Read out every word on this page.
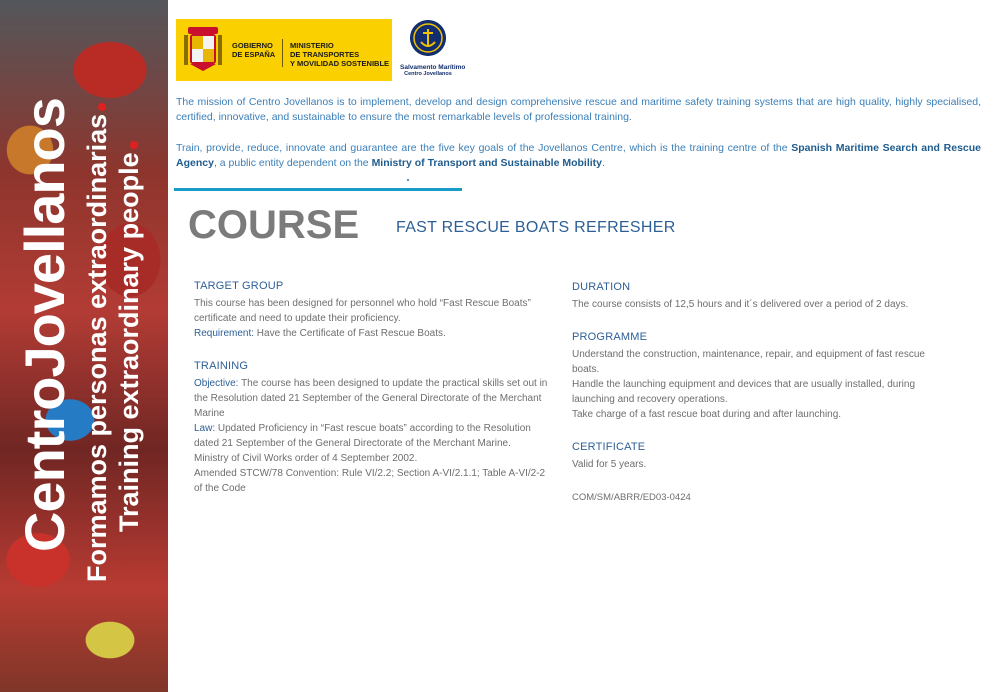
CentroJovellanos Formamos personas extraordinarias Training extraordinary people
GOBIERNO
DE ESPAÑA
MINISTERIO
DE TRANSPORTES
Y MOVILIDAD SOSTENIBLE Salvamento Marítimo
Centro Jovellanos

The mission of Centro Jovellanos is to implement, develop and design comprehensive rescue and maritime safety training systems that are high quality, highly specialised, certified, innovative, and sustainable to ensure the most remarkable levels of professional training.

Train, provide, reduce, innovate and guarantee are the five key goals of the Jovellanos Centre, which is the training centre of the Spanish Maritime Search and Rescue Agency, a public entity dependent on the Ministry of Transport and Sustainable Mobility.

COURSE FAST RESCUE BOATS REFRESHER
TARGET GROUP

This course has been designed for personnel who hold “Fast Rescue Boats” certificate and need to update their proficiency.

Requirement: Have the Certificate of Fast Rescue Boats.

TRAINING

Objective: The course has been designed to update the practical skills set out in the Resolution dated 21 September of the General Directorate of the Merchant Marine

Law: Updated Proficiency in “Fast rescue boats” according to the Resolution dated 21 September of the General Directorate of the Merchant Marine.

Ministry of Civil Works order of 4 September 2002.

Amended STCW/78 Convention: Rule VI/2.2; Section A-VI/2.1.1; Table A-VI/2-2 of the Code

DURATION

The course consists of 12,5 hours and it´s delivered over a period of 2 days.

PROGRAMME

Understand the construction, maintenance, repair, and equipment of fast rescue boats.

Handle the launching equipment and devices that are usually installed, during launching and recovery operations.

Take charge of a fast rescue boat during and after launching.

CERTIFICATE

Valid for 5 years.

COM/SM/ABRR/ED03-0424
